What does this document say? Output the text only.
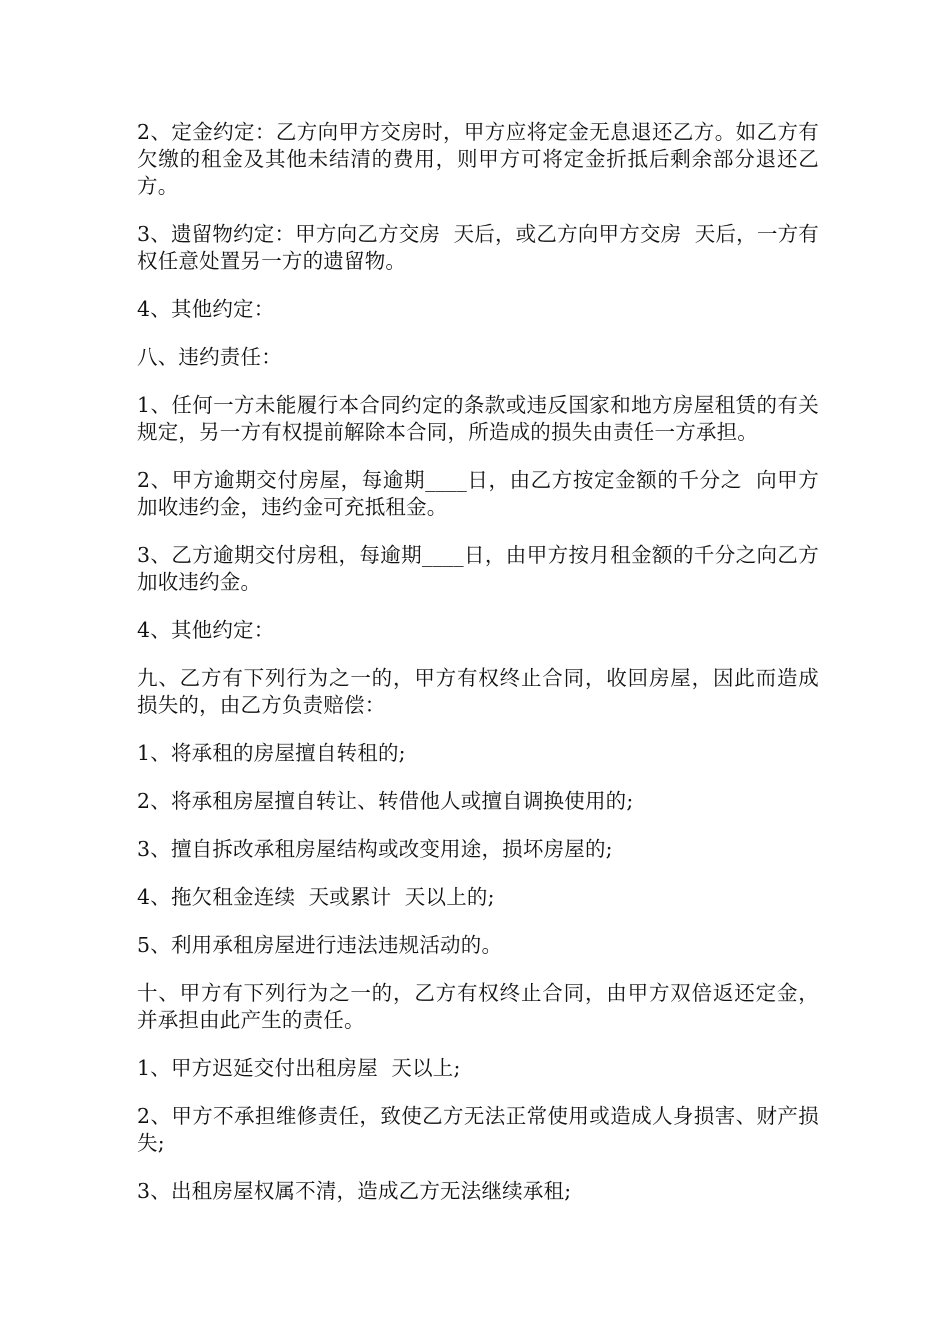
2、定金约定：乙方向甲方交房时，甲方应将定金无息退还乙方。如乙方有欠缴的租金及其他未结清的费用，则甲方可将定金折抵后剩余部分退还乙方。

3、遗留物约定：甲方向乙方交房  天后，或乙方向甲方交房  天后，一方有权任意处置另一方的遗留物。

4、其他约定：

八、违约责任：

1、任何一方未能履行本合同约定的条款或违反国家和地方房屋租赁的有关规定，另一方有权提前解除本合同，所造成的损失由责任一方承担。

2、甲方逾期交付房屋，每逾期____日，由乙方按定金额的千分之  向甲方加收违约金，违约金可充抵租金。

3、乙方逾期交付房租，每逾期____日，由甲方按月租金额的千分之向乙方加收违约金。

4、其他约定：

九、乙方有下列行为之一的，甲方有权终止合同，收回房屋，因此而造成损失的，由乙方负责赔偿：

1、将承租的房屋擅自转租的;

2、将承租房屋擅自转让、转借他人或擅自调换使用的;

3、擅自拆改承租房屋结构或改变用途，损坏房屋的;

4、拖欠租金连续  天或累计  天以上的;

5、利用承租房屋进行违法违规活动的。

十、甲方有下列行为之一的，乙方有权终止合同，由甲方双倍返还定金，并承担由此产生的责任。

1、甲方迟延交付出租房屋  天以上;

2、甲方不承担维修责任，致使乙方无法正常使用或造成人身损害、财产损失;

3、出租房屋权属不清，造成乙方无法继续承租;
